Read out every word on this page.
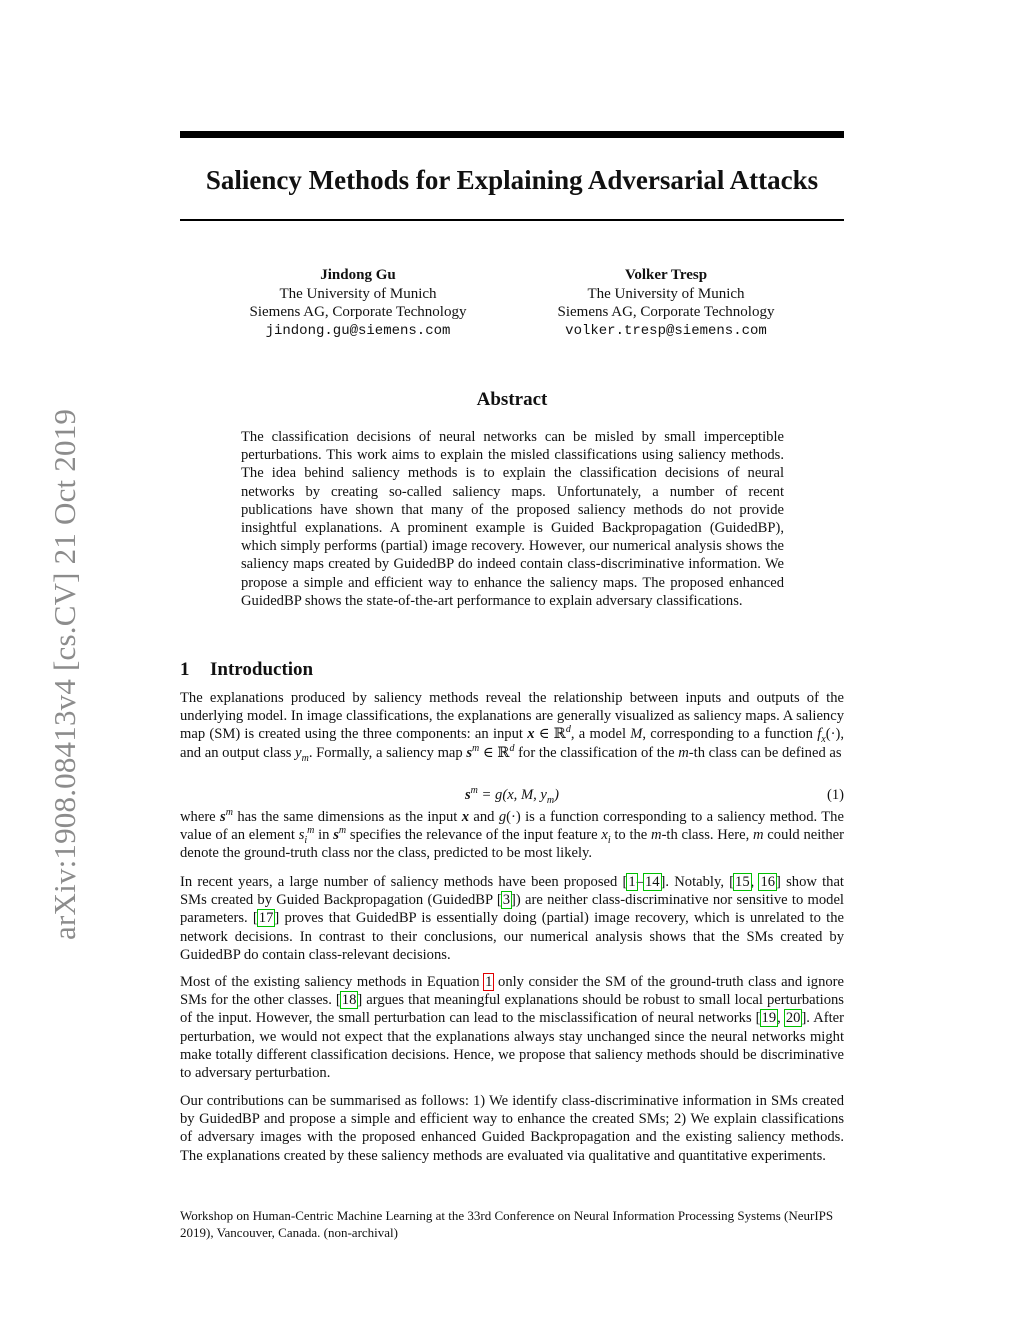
Saliency Methods for Explaining Adversarial Attacks
Jindong Gu
The University of Munich
Siemens AG, Corporate Technology
jindong.gu@siemens.com
Volker Tresp
The University of Munich
Siemens AG, Corporate Technology
volker.tresp@siemens.com
arXiv:1908.08413v4 [cs.CV] 21 Oct 2019
Abstract

The classification decisions of neural networks can be misled by small imperceptible perturbations. This work aims to explain the misled classifications using saliency methods. The idea behind saliency methods is to explain the classification decisions of neural networks by creating so-called saliency maps. Unfortunately, a number of recent publications have shown that many of the proposed saliency methods do not provide insightful explanations. A prominent example is Guided Backpropagation (GuidedBP), which simply performs (partial) image recovery. However, our numerical analysis shows the saliency maps created by GuidedBP do indeed contain class-discriminative information. We propose a simple and efficient way to enhance the saliency maps. The proposed enhanced GuidedBP shows the state-of-the-art performance to explain adversary classifications.

1 Introduction

The explanations produced by saliency methods reveal the relationship between inputs and outputs of the underlying model. In image classifications, the explanations are generally visualized as saliency maps. A saliency map (SM) is created using the three components: an input x ∈ ℝ$^d$, a model M, corresponding to a function $f_x(\cdot)$, and an output class $y_m$. Formally, a saliency map $s^m$ ∈ ℝ$^d$ for the classification of the m-th class can be defined as

$s^m = g(x$, M, $y_m$)	(1)

where $s^m$ has the same dimensions as the input x and g(·) is a function corresponding to a saliency method. The value of an element $s_i^m$ in $s^m$ specifies the relevance of the input feature $x_i$ to the m-th class. Here, m could neither denote the ground-truth class nor the class, predicted to be most likely.

In recent years, a large number of saliency methods have been proposed [1–14]. Notably, [15, 16] show that SMs created by Guided Backpropagation (GuidedBP [3]) are neither class-discriminative nor sensitive to model parameters. [17] proves that GuidedBP is essentially doing (partial) image recovery, which is unrelated to the network decisions. In contrast to their conclusions, our numerical analysis shows that the SMs created by GuidedBP do contain class-relevant decisions.

Most of the existing saliency methods in Equation 1 only consider the SM of the ground-truth class and ignore SMs for the other classes. [18] argues that meaningful explanations should be robust to small local perturbations of the input. However, the small perturbation can lead to the misclassification of neural networks [19, 20]. After perturbation, we would not expect that the explanations always stay unchanged since the neural networks might make totally different classification decisions. Hence, we propose that saliency methods should be discriminative to adversary perturbation.

Our contributions can be summarised as follows: 1) We identify class-discriminative information in SMs created by GuidedBP and propose a simple and efficient way to enhance the created SMs; 2) We explain classifications of adversary images with the proposed enhanced Guided Backpropagation and the existing saliency methods. The explanations created by these saliency methods are evaluated via qualitative and quantitative experiments.

Workshop on Human-Centric Machine Learning at the 33rd Conference on Neural Information Processing Systems (NeurIPS 2019), Vancouver, Canada. (non-archival)
